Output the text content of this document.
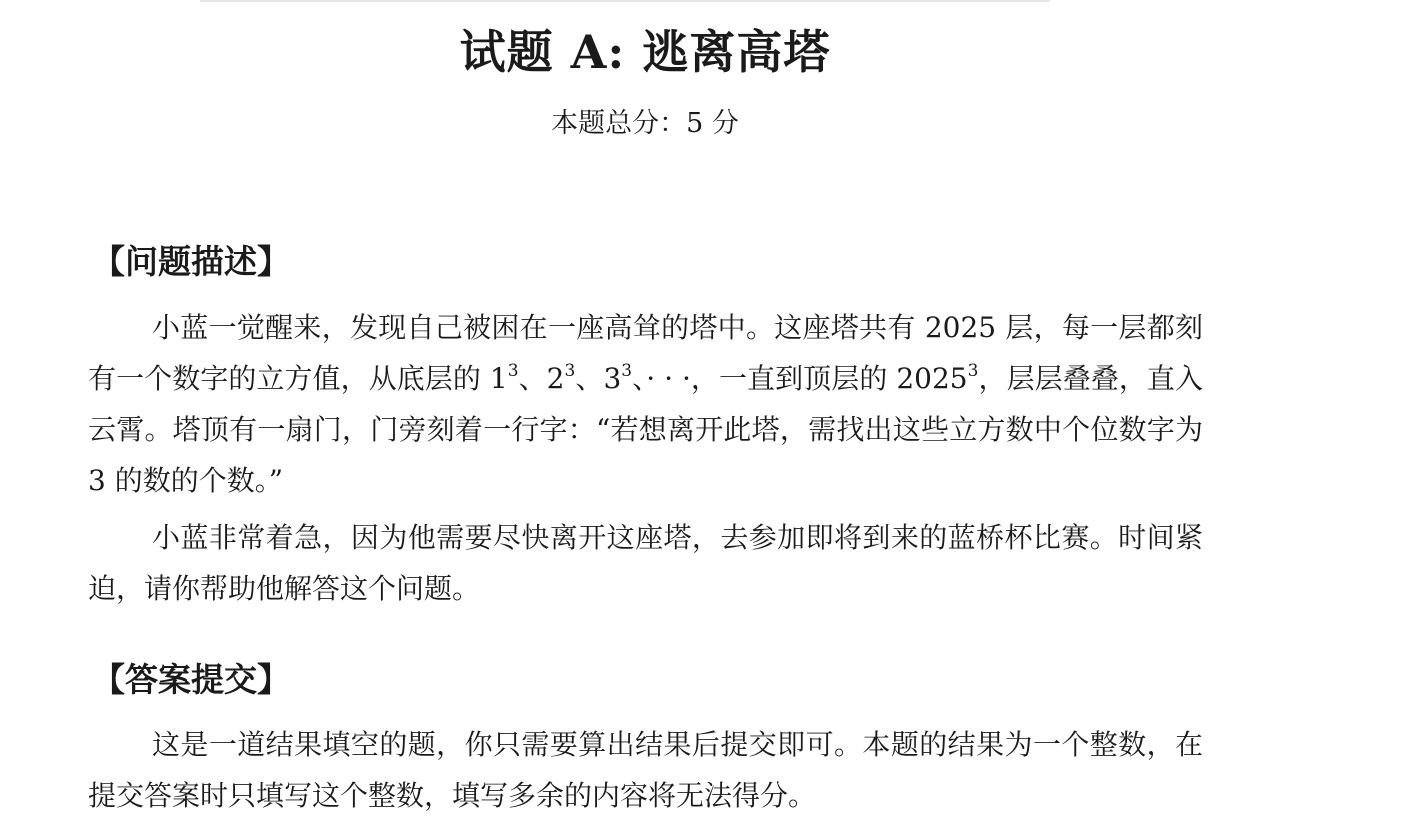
试题 A: 逃离高塔
本题总分：5 分
【问题描述】
小蓝一觉醒来，发现自己被困在一座高耸的塔中。这座塔共有 2025 层，每一层都刻有一个数字的立方值，从底层的 $1^3$、$2^3$、$3^3$、· · ·，一直到顶层的 2025$^3$，层层叠叠，直入云霄。塔顶有一扇门，门旁刻着一行字：“若想离开此塔，需找出这些立方数中个位数字为 3 的数的个数。”
小蓝非常着急，因为他需要尽快离开这座塔，去参加即将到来的蓝桥杯比赛。时间紧迫，请你帮助他解答这个问题。
【答案提交】
这是一道结果填空的题，你只需要算出结果后提交即可。本题的结果为一个整数，在提交答案时只填写这个整数，填写多余的内容将无法得分。
